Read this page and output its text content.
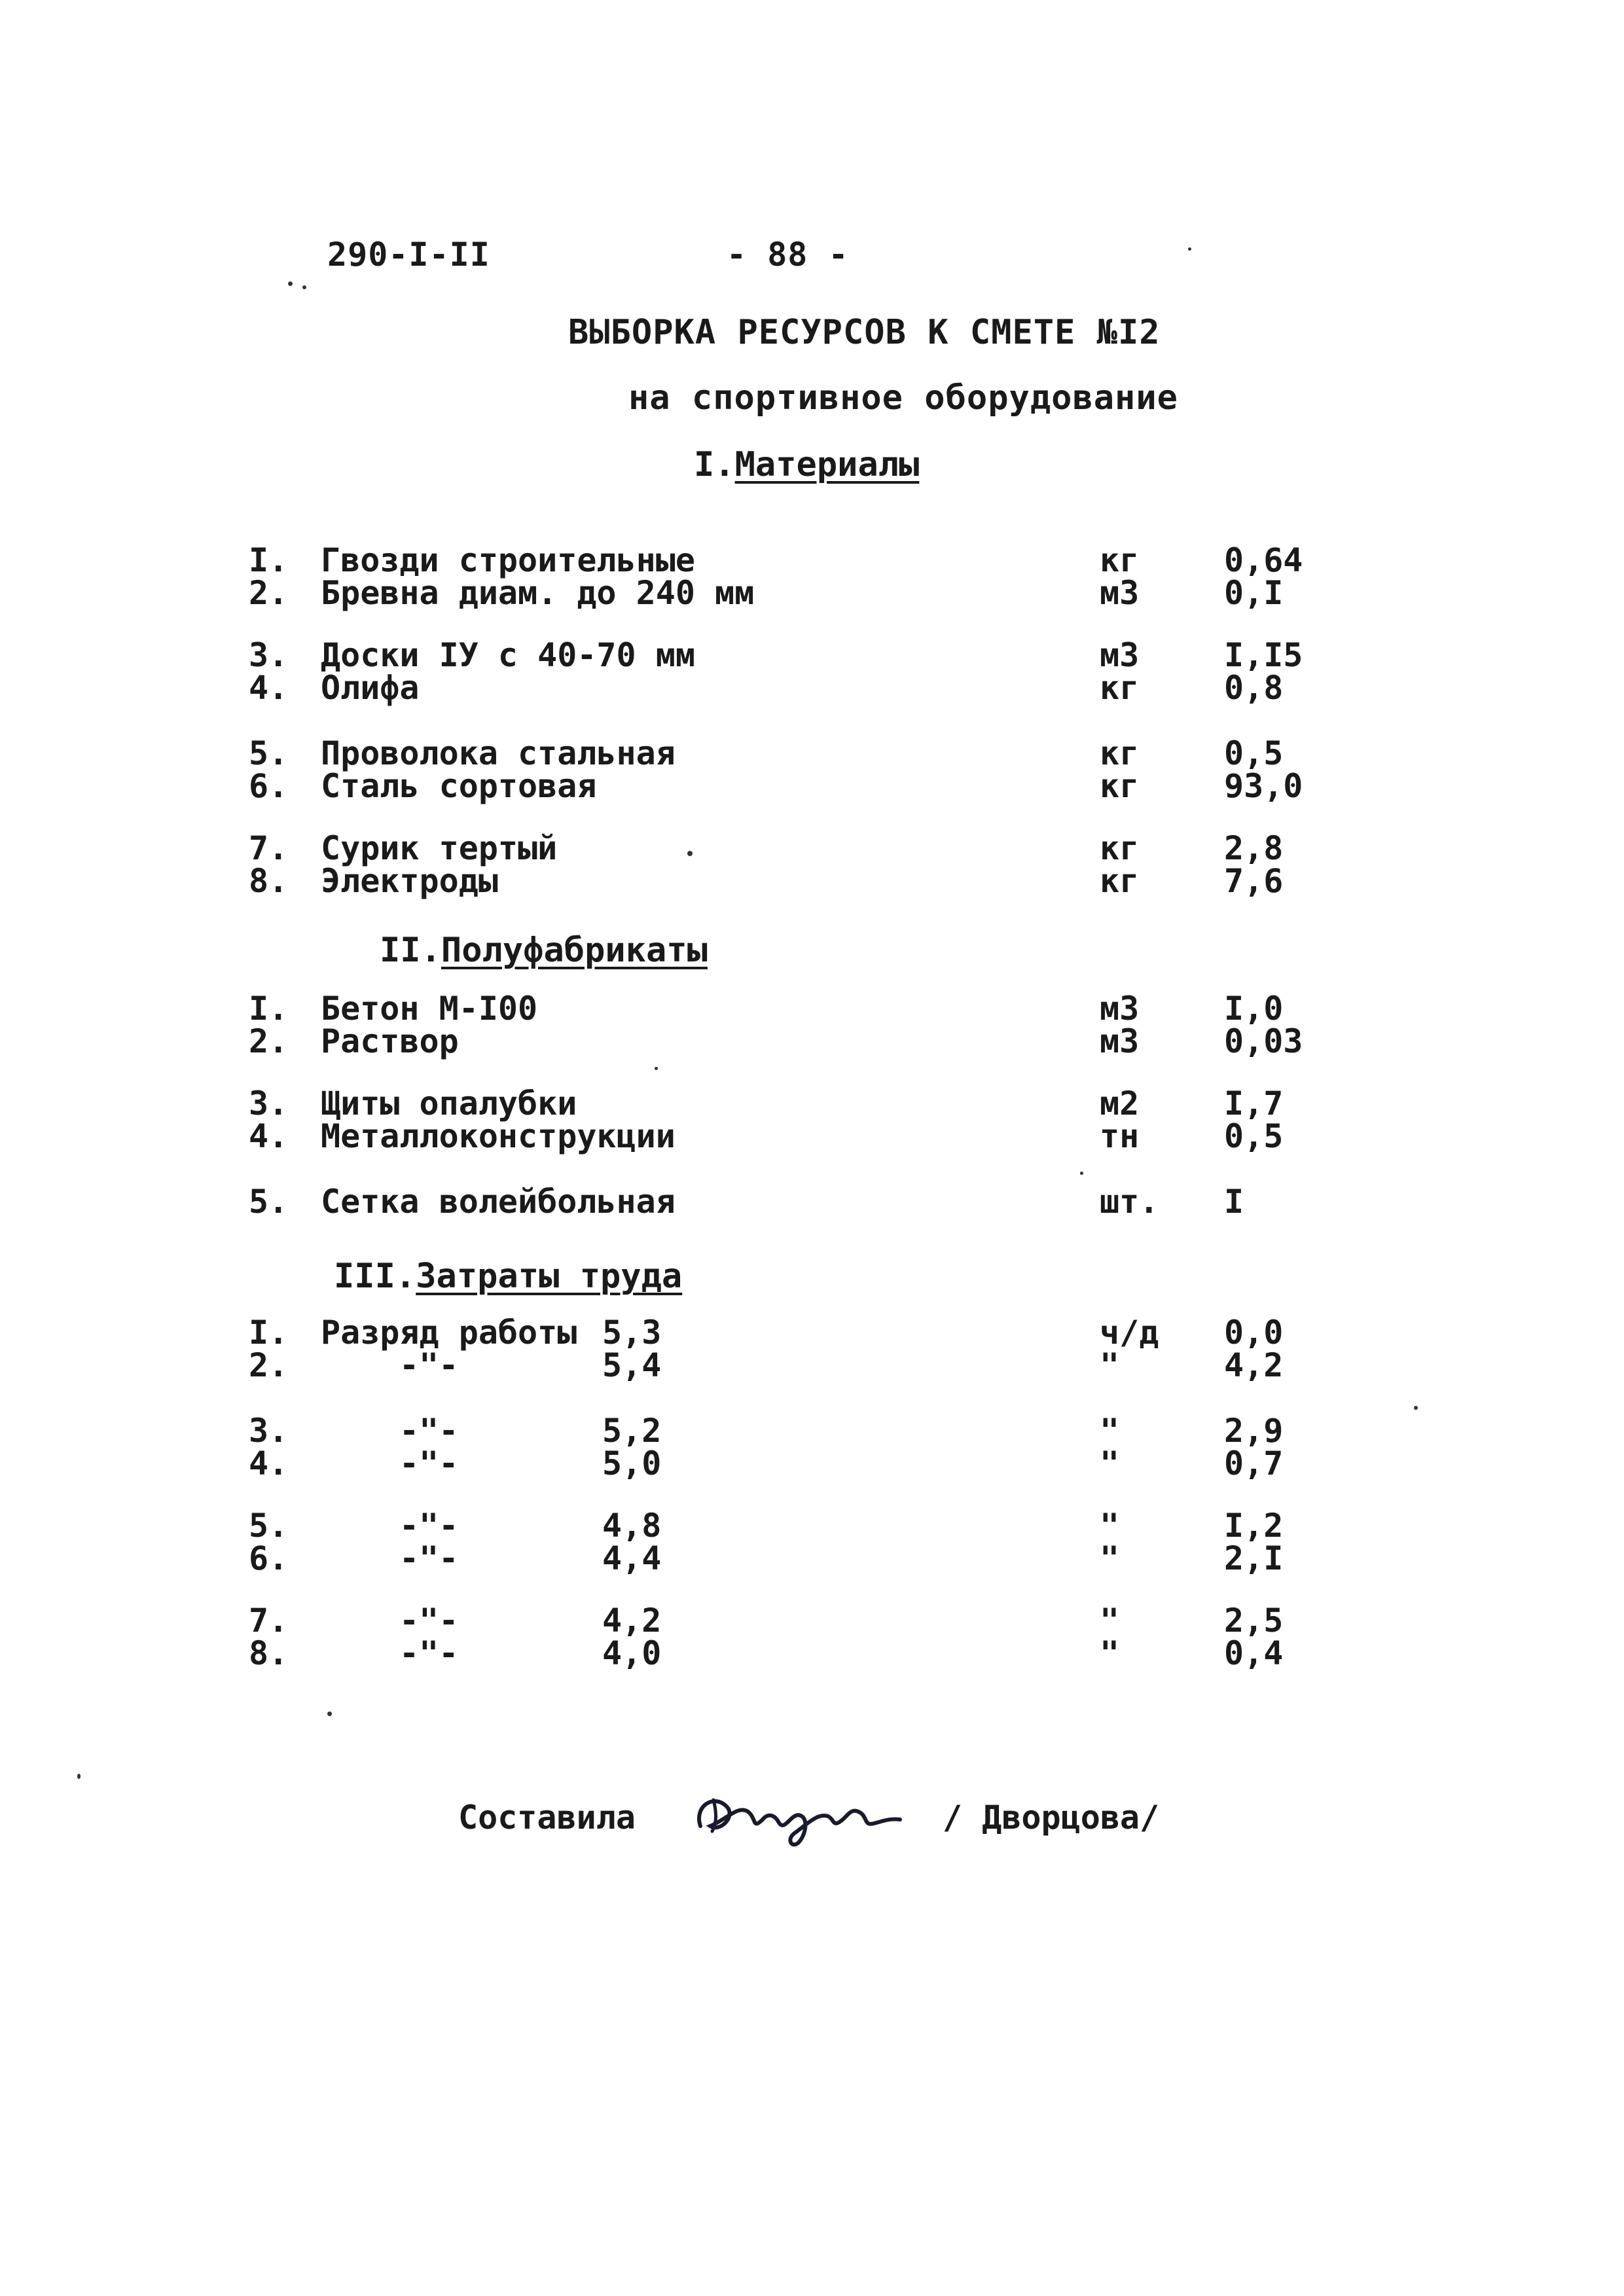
290-I-II	- 88 -
ВЫБОРКА РЕСУРСОВ К СМЕТЕ №I2
на спортивное оборудование
I.Материалы
I. Гвозди строительные	кг	0,64
2. Бревна диам. до 240 мм	м3	0,I
3. Доски IУ с 40-70 мм	м3	I,I5
4. Олифа	кг	0,8
5. Проволока стальная	кг	0,5
6. Сталь сортовая	кг	93,0
7. Сурик тертый	кг	2,8
8. Электроды	кг	7,6
II.Полуфабрикаты
I. Бетон М-I00	м3	I,0
2. Раствор	м3	0,03
3. Щиты опалубки	м2	I,7
4. Металлоконструкции	тн	0,5
5. Сетка волейбольная	шт. I
III.Затраты труда
I. Разряд работы 5,3	ч/д 0,0
2.	-"-	5,4	"	4,2
3.	-"-	5,2	"	2,9
4.	-"-	5,0	"	0,7
5.	-"-	4,8	"	I,2
6.	-"-	4,4	"	2,I
7.	-"-	4,2	"	2,5
8.	-"-	4,0	"	0,4
Составила	/ Дворцова/
